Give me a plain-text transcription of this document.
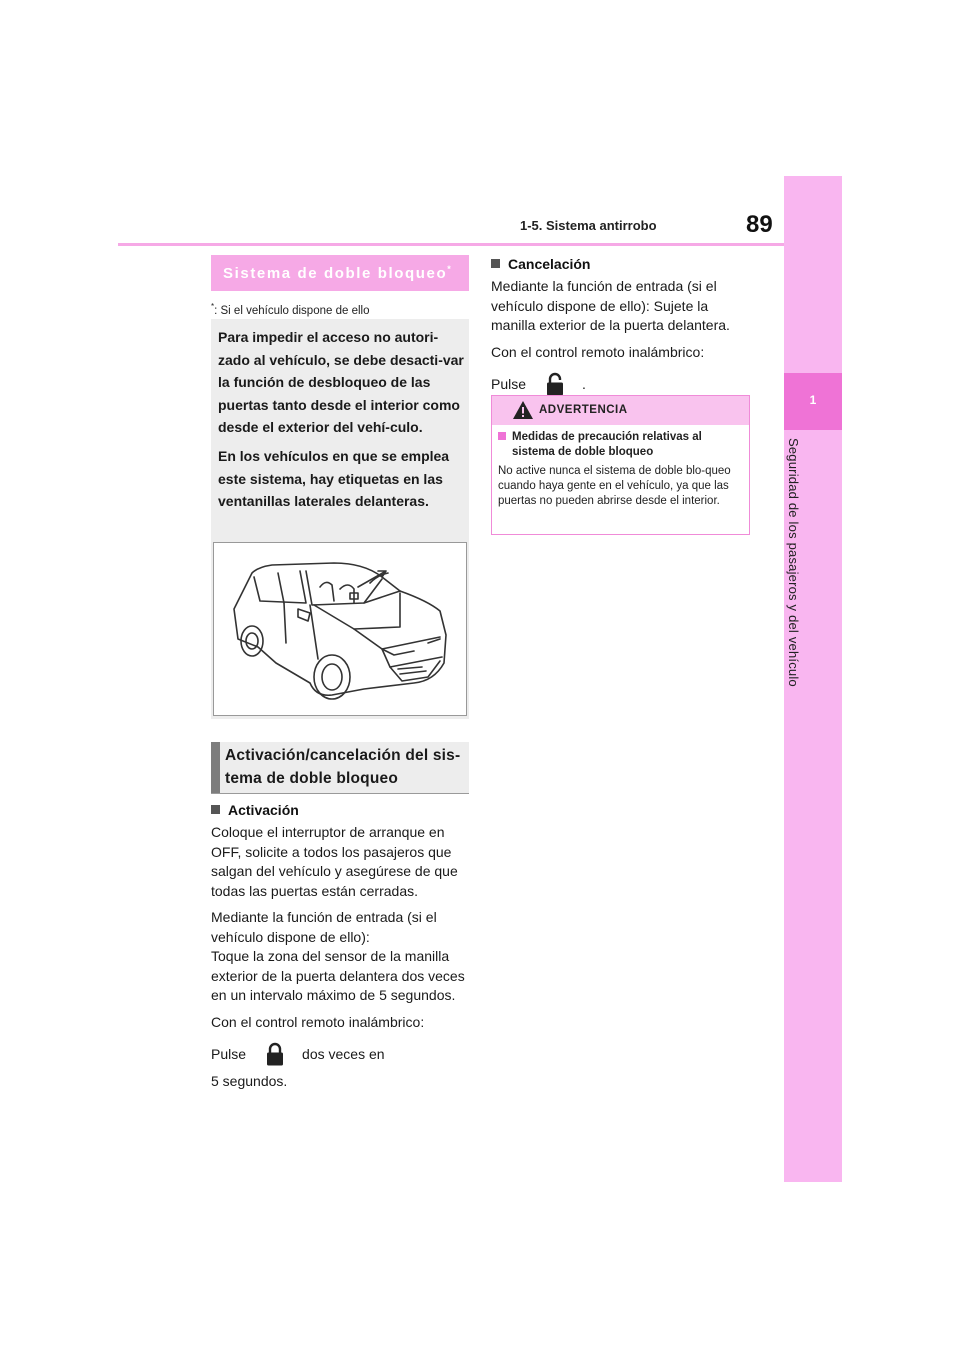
1-5. Sistema antirrobo	89
1
Seguridad de los pasajeros y del vehículo
Sistema de doble bloqueo*
*: Si el vehículo dispone de ello

Para impedir el acceso no autori-zado al vehículo, se debe desacti-var la función de desbloqueo de las puertas tanto desde el interior como desde el exterior del vehí-culo.

En los vehículos en que se emplea este sistema, hay etiquetas en las ventanillas laterales delanteras.

Activación/cancelación del sis-tema de doble bloqueo
Activación

Coloque el interruptor de arranque en OFF, solicite a todos los pasajeros que salgan del vehículo y asegúrese de que todas las puertas están cerradas.

Mediante la función de entrada (si el vehículo dispone de ello):
Toque la zona del sensor de la manilla exterior de la puerta delantera dos veces en un intervalo máximo de 5 segundos.

Con el control remoto inalámbrico:

Pulse	dos veces en
5 segundos.

Cancelación

Mediante la función de entrada (si el vehículo dispone de ello): Sujete la manilla exterior de la puerta delantera.

Con el control remoto inalámbrico:

Pulse	.

ADVERTENCIA
Medidas de precaución relativas al
sistema de doble bloqueo
No active nunca el sistema de doble blo-queo cuando haya gente en el vehículo, ya que las puertas no pueden abrirse desde el interior.
